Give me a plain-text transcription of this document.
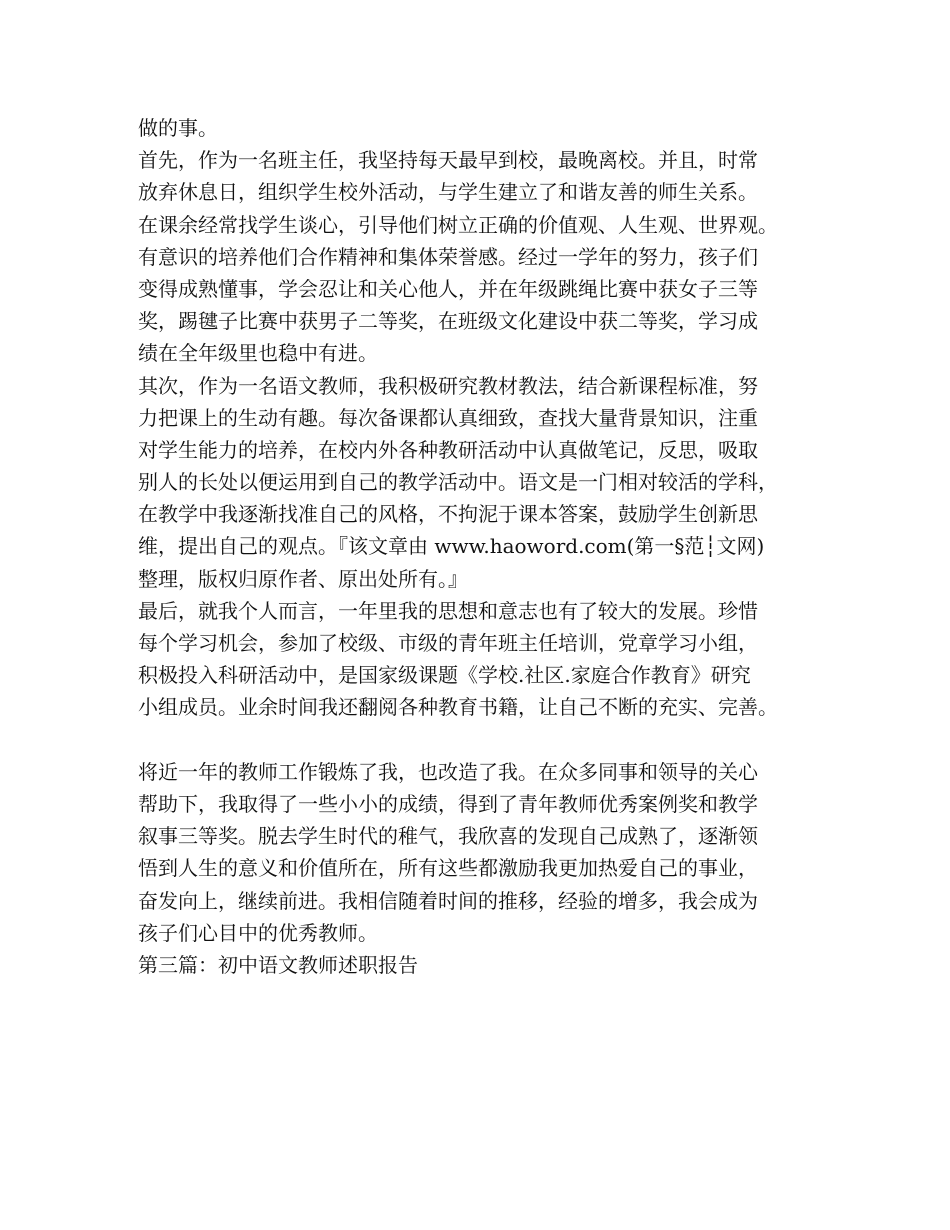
做的事。
首先，作为一名班主任，我坚持每天最早到校，最晚离校。并且，时常
放弃休息日，组织学生校外活动，与学生建立了和谐友善的师生关系。
在课余经常找学生谈心，引导他们树立正确的价值观、人生观、世界观。
有意识的培养他们合作精神和集体荣誉感。经过一学年的努力，孩子们
变得成熟懂事，学会忍让和关心他人，并在年级跳绳比赛中获女子三等
奖，踢毽子比赛中获男子二等奖，在班级文化建设中获二等奖，学习成
绩在全年级里也稳中有进。
其次，作为一名语文教师，我积极研究教材教法，结合新课程标准，努
力把课上的生动有趣。每次备课都认真细致，查找大量背景知识，注重
对学生能力的培养，在校内外各种教研活动中认真做笔记，反思，吸取
别人的长处以便运用到自己的教学活动中。语文是一门相对较活的学科，
在教学中我逐渐找准自己的风格，不拘泥于课本答案，鼓励学生创新思
维，提出自己的观点。『该文章由 www.haoword.com(第一§范┆文网)
整理，版权归原作者、原出处所有。』
最后，就我个人而言，一年里我的思想和意志也有了较大的发展。珍惜
每个学习机会，参加了校级、市级的青年班主任培训，党章学习小组，
积极投入科研活动中，是国家级课题《学校.社区.家庭合作教育》研究
小组成员。业余时间我还翻阅各种教育书籍，让自己不断的充实、完善。
将近一年的教师工作锻炼了我，也改造了我。在众多同事和领导的关心
帮助下，我取得了一些小小的成绩，得到了青年教师优秀案例奖和教学
叙事三等奖。脱去学生时代的稚气，我欣喜的发现自己成熟了，逐渐领
悟到人生的意义和价值所在，所有这些都激励我更加热爱自己的事业，
奋发向上，继续前进。我相信随着时间的推移，经验的增多，我会成为
孩子们心目中的优秀教师。
第三篇：初中语文教师述职报告
